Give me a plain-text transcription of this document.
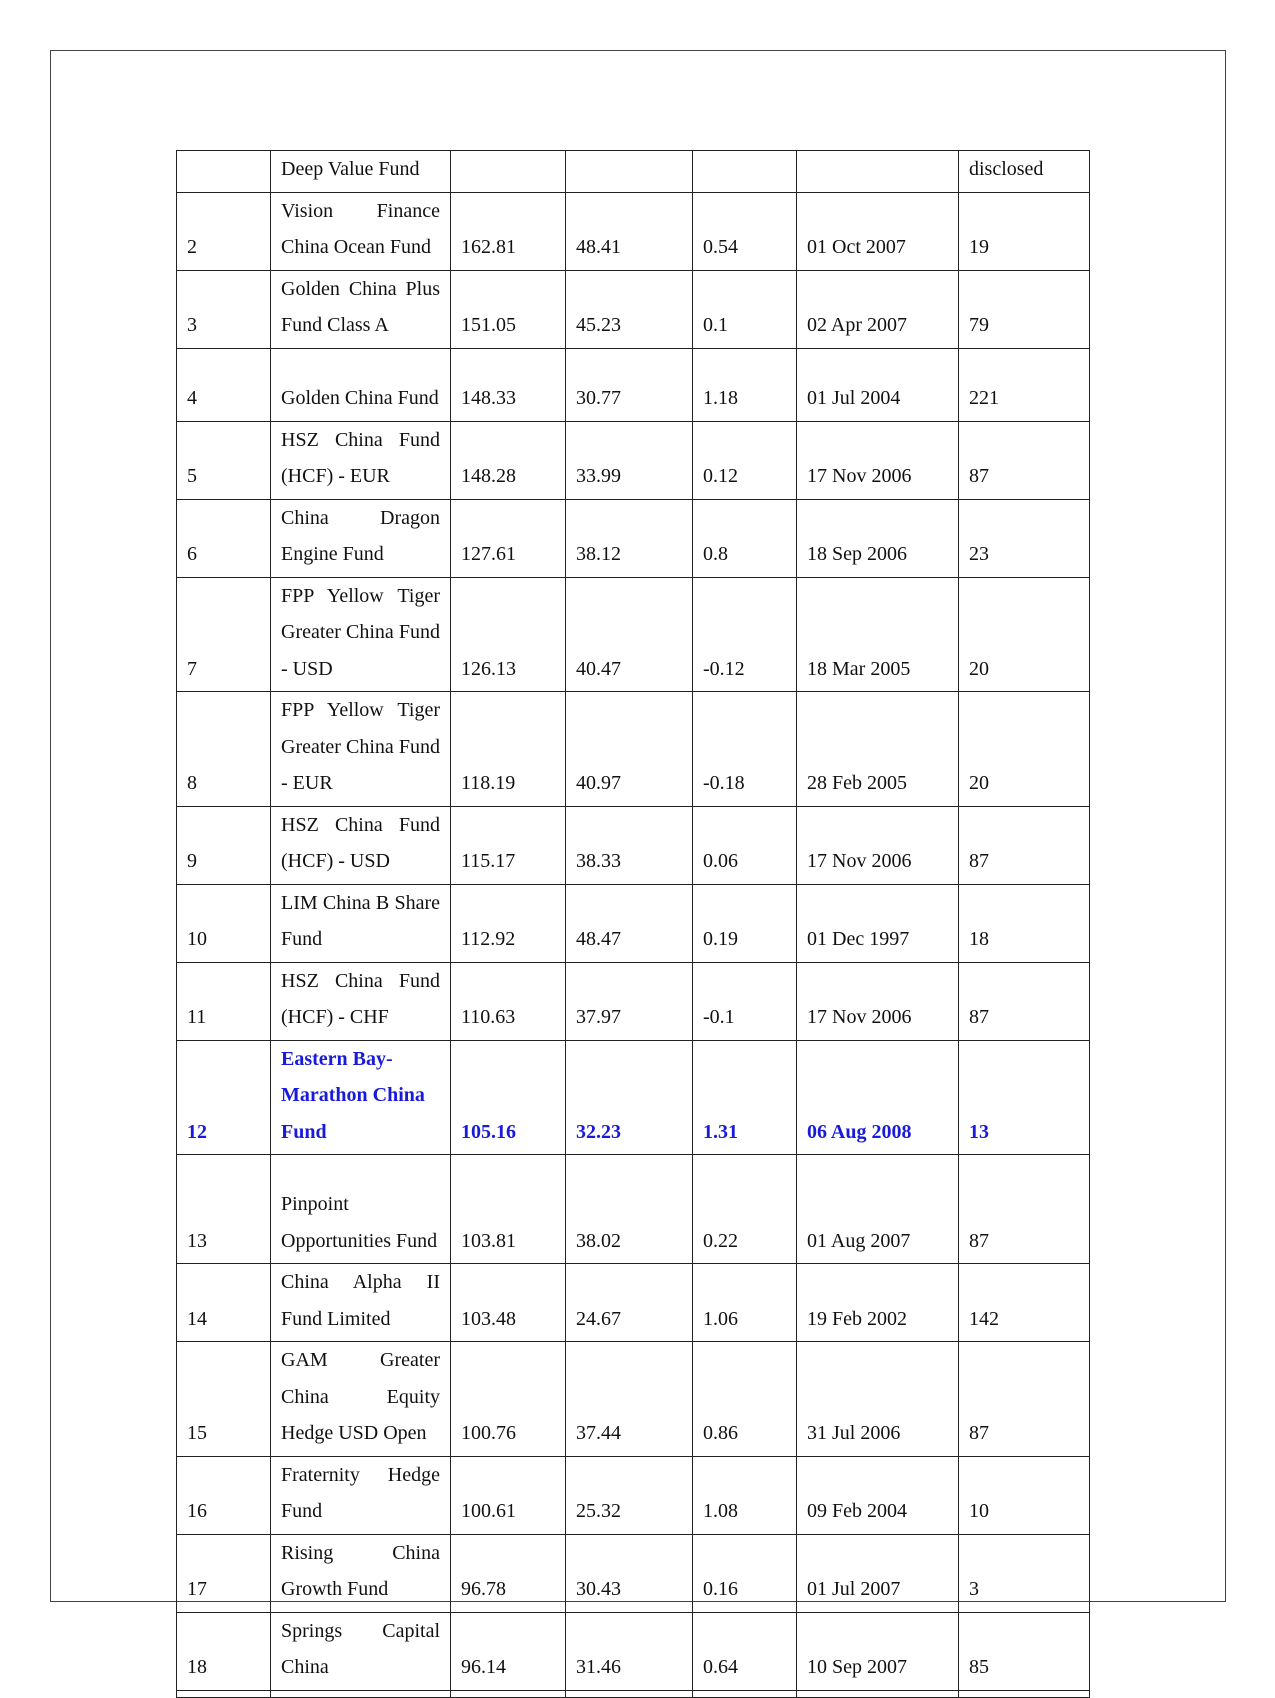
	Deep Value Fund					disclosed
2	Vision Finance China Ocean Fund	162.81	48.41	0.54	01 Oct 2007	19
3	Golden China Plus Fund Class A	151.05	45.23	0.1	02 Apr 2007	79
4	Golden China Fund	148.33	30.77	1.18	01 Jul 2004	221
5	HSZ China Fund (HCF) - EUR	148.28	33.99	0.12	17 Nov 2006	87
6	China Dragon Engine Fund	127.61	38.12	0.8	18 Sep 2006	23
7	FPP Yellow Tiger Greater China Fund - USD	126.13	40.47	-0.12	18 Mar 2005	20
8	FPP Yellow Tiger Greater China Fund - EUR	118.19	40.97	-0.18	28 Feb 2005	20
9	HSZ China Fund (HCF) - USD	115.17	38.33	0.06	17 Nov 2006	87
10	LIM China B Share Fund	112.92	48.47	0.19	01 Dec 1997	18
11	HSZ China Fund (HCF) - CHF	110.63	37.97	-0.1	17 Nov 2006	87
12	Eastern Bay-Marathon China Fund	105.16	32.23	1.31	06 Aug 2008	13
13	Pinpoint Opportunities Fund	103.81	38.02	0.22	01 Aug 2007	87
14	China Alpha II Fund Limited	103.48	24.67	1.06	19 Feb 2002	142
15	GAM Greater China Equity Hedge USD Open	100.76	37.44	0.86	31 Jul 2006	87
16	Fraternity Hedge Fund	100.61	25.32	1.08	09 Feb 2004	10
17	Rising China Growth Fund	96.78	30.43	0.16	01 Jul 2007	3
18	Springs Capital China	96.14	31.46	0.64	10 Sep 2007	85
